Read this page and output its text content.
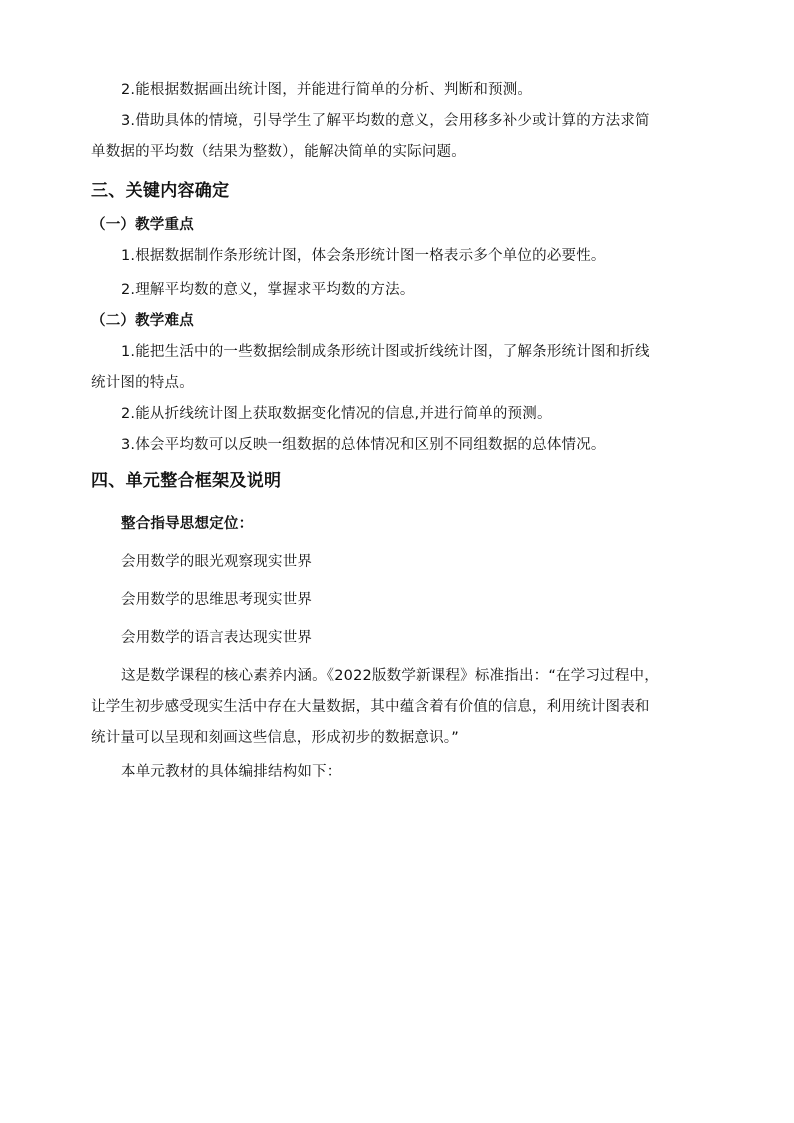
2.能根据数据画出统计图，并能进行简单的分析、判断和预测。
3.借助具体的情境，引导学生了解平均数的意义，会用移多补少或计算的方法求简
单数据的平均数（结果为整数），能解决简单的实际问题。
三、关键内容确定
（一）教学重点
1.根据数据制作条形统计图，体会条形统计图一格表示多个单位的必要性。
2.理解平均数的意义，掌握求平均数的方法。
（二）教学难点
1.能把生活中的一些数据绘制成条形统计图或折线统计图，了解条形统计图和折线
统计图的特点。
2.能从折线统计图上获取数据变化情况的信息,并进行简单的预测。
3.体会平均数可以反映一组数据的总体情况和区别不同组数据的总体情况。
四、单元整合框架及说明
整合指导思想定位：
会用数学的眼光观察现实世界
会用数学的思维思考现实世界
会用数学的语言表达现实世界
这是数学课程的核心素养内涵。《2022版数学新课程》标准指出：“在学习过程中，
让学生初步感受现实生活中存在大量数据，其中蕴含着有价值的信息，利用统计图表和
统计量可以呈现和刻画这些信息，形成初步的数据意识。”
本单元教材的具体编排结构如下：
